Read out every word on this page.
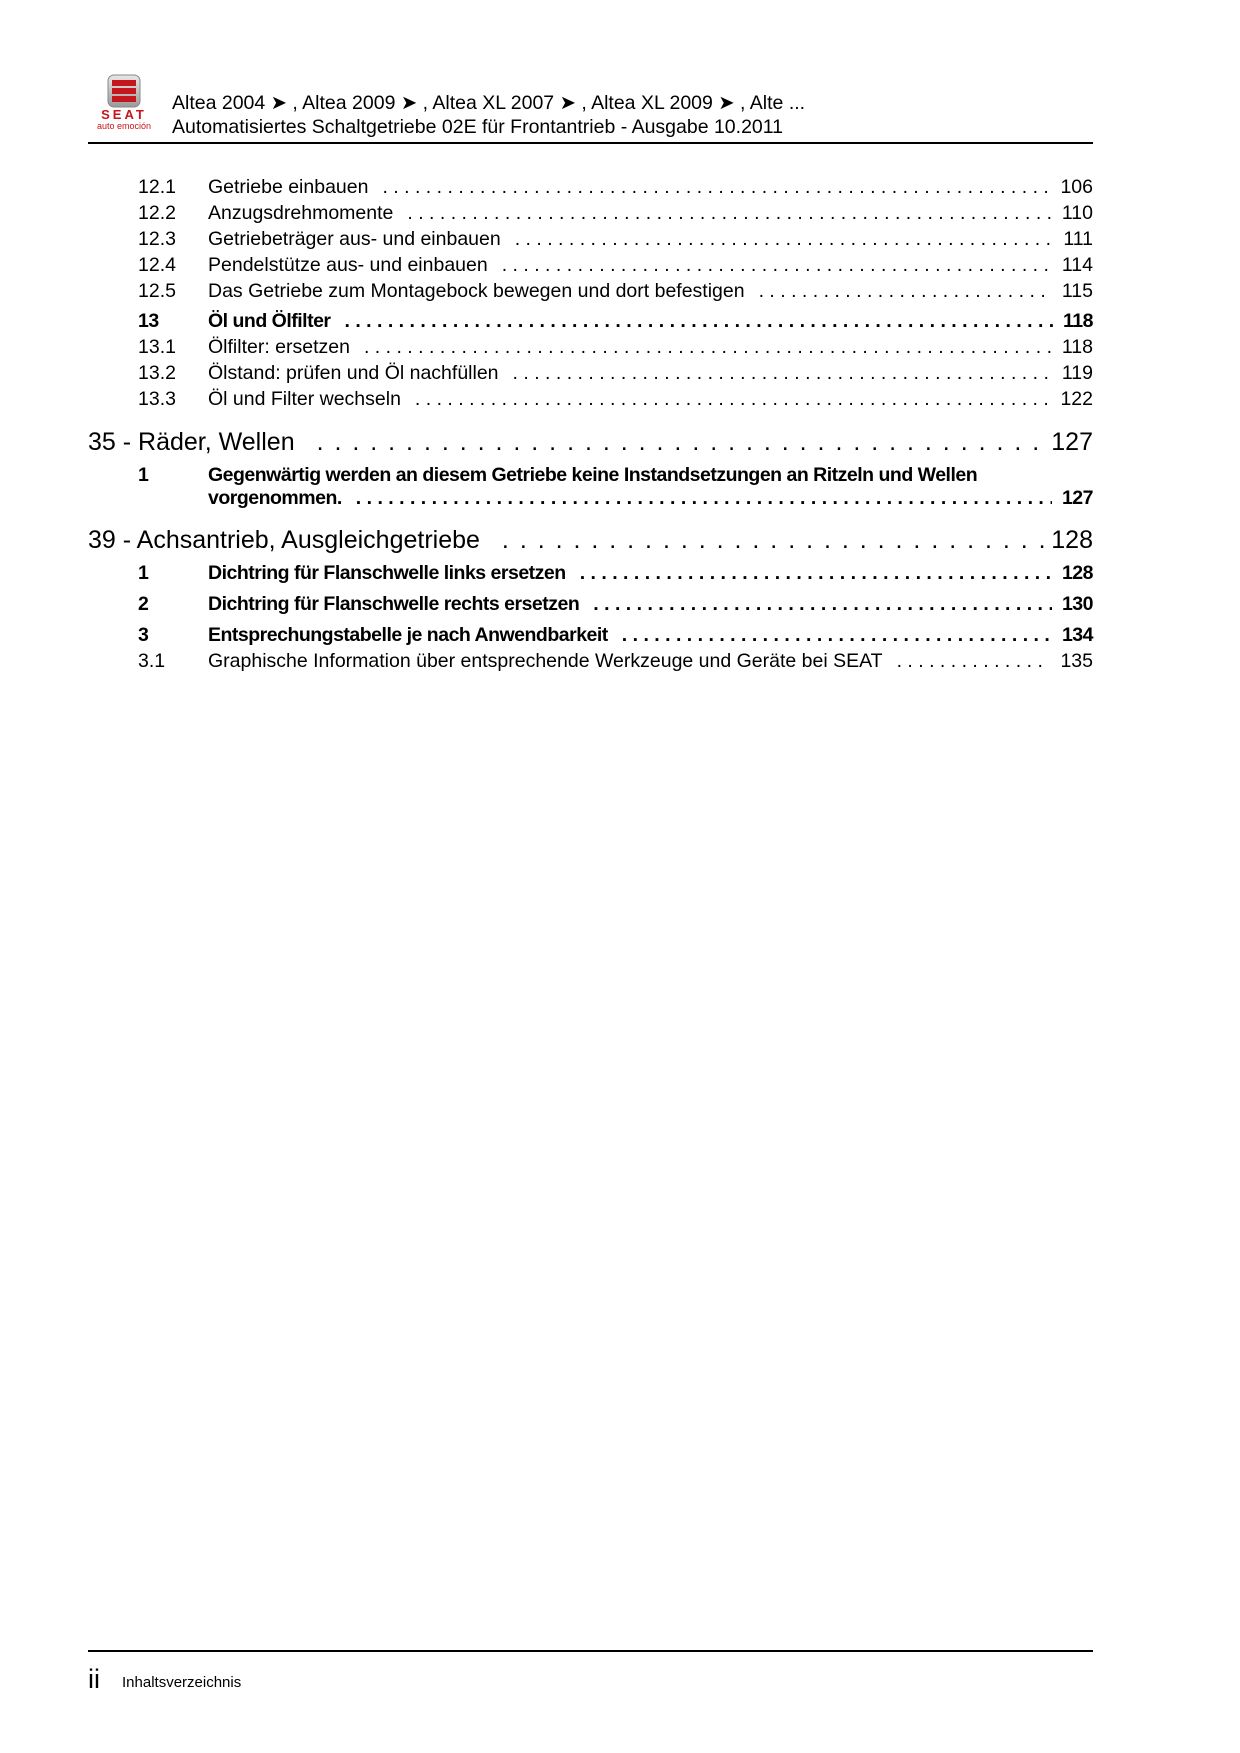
SEAT
auto emoción
Altea 2004 ➤ , Altea 2009 ➤ , Altea XL 2007 ➤ , Altea XL 2009 ➤ , Alte ...
Automatisiertes Schaltgetriebe 02E für Frontantrieb - Ausgabe 10.2011
12.1	Getriebe einbauen . . .	106
12.2	Anzugsdrehmomente . . .	110
12.3	Getriebeträger aus- und einbauen . . .	111
12.4	Pendelstütze aus- und einbauen . . .	114
12.5	Das Getriebe zum Montagebock bewegen und dort befestigen . . .	115
13	Öl und Ölfilter . . .	118
13.1	Ölfilter: ersetzen . . .	118
13.2	Ölstand: prüfen und Öl nachfüllen . . .	119
13.3	Öl und Filter wechseln . . .	122
35 - Räder, Wellen . . .	127
1	Gegenwärtig werden an diesem Getriebe keine Instandsetzungen an Ritzeln und Wellen
vorgenommen. . . .	127
39 - Achsantrieb, Ausgleichgetriebe . . .	128
1	Dichtring für Flanschwelle links ersetzen . . .	128
2	Dichtring für Flanschwelle rechts ersetzen . . .	130
3	Entsprechungstabelle je nach Anwendbarkeit . . .	134
3.1	Graphische Information über entsprechende Werkzeuge und Geräte bei SEAT . . .	135
ii Inhaltsverzeichnis
